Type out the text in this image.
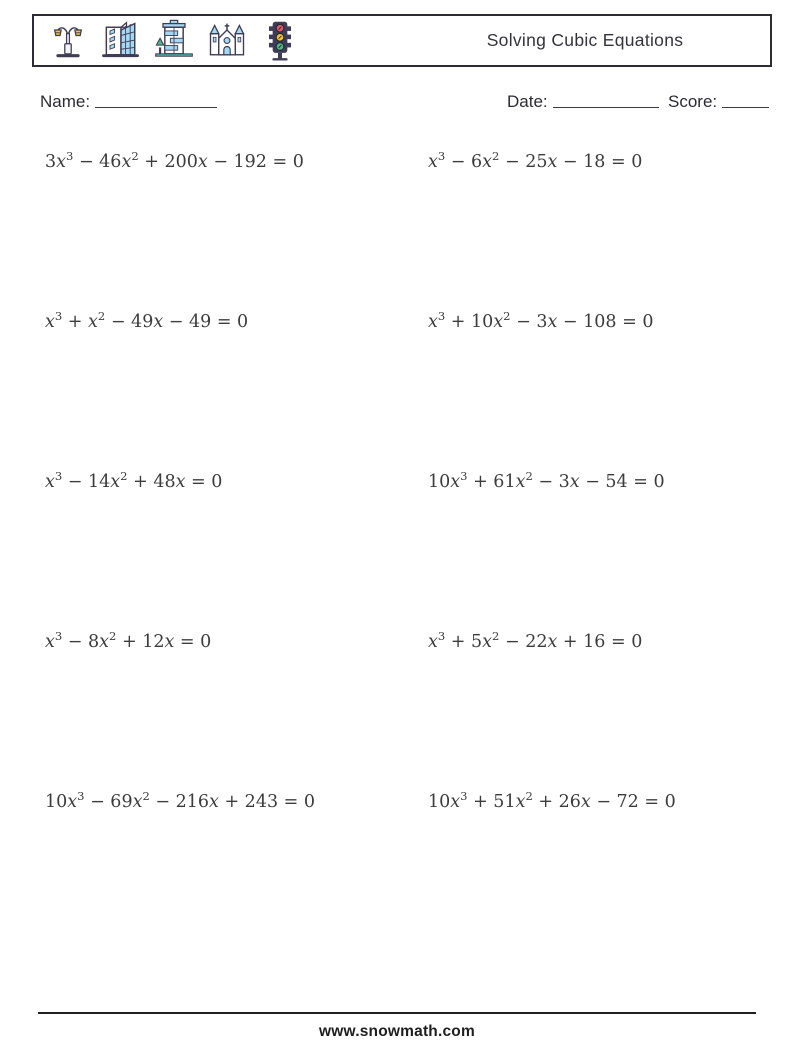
Solving Cubic Equations
Name:	Date:	Score:
$3x^3 - 46x^2 + 200x - 192 = 0$	$x^3 - 6x^2 - 25x - 18 = 0$
$x^3 + x^2 - 49x - 49 = 0$	$x^3 + 10x^2 - 3x - 108 = 0$
$x^3 - 14x^2 + 48x = 0$	$10x^3 + 61x^2 - 3x - 54 = 0$
$x^3 - 8x^2 + 12x = 0$	$x^3 + 5x^2 - 22x + 16 = 0$
$10x^3 - 69x^2 - 216x + 243 = 0$	$10x^3 + 51x^2 + 26x - 72 = 0$
www.snowmath.com
